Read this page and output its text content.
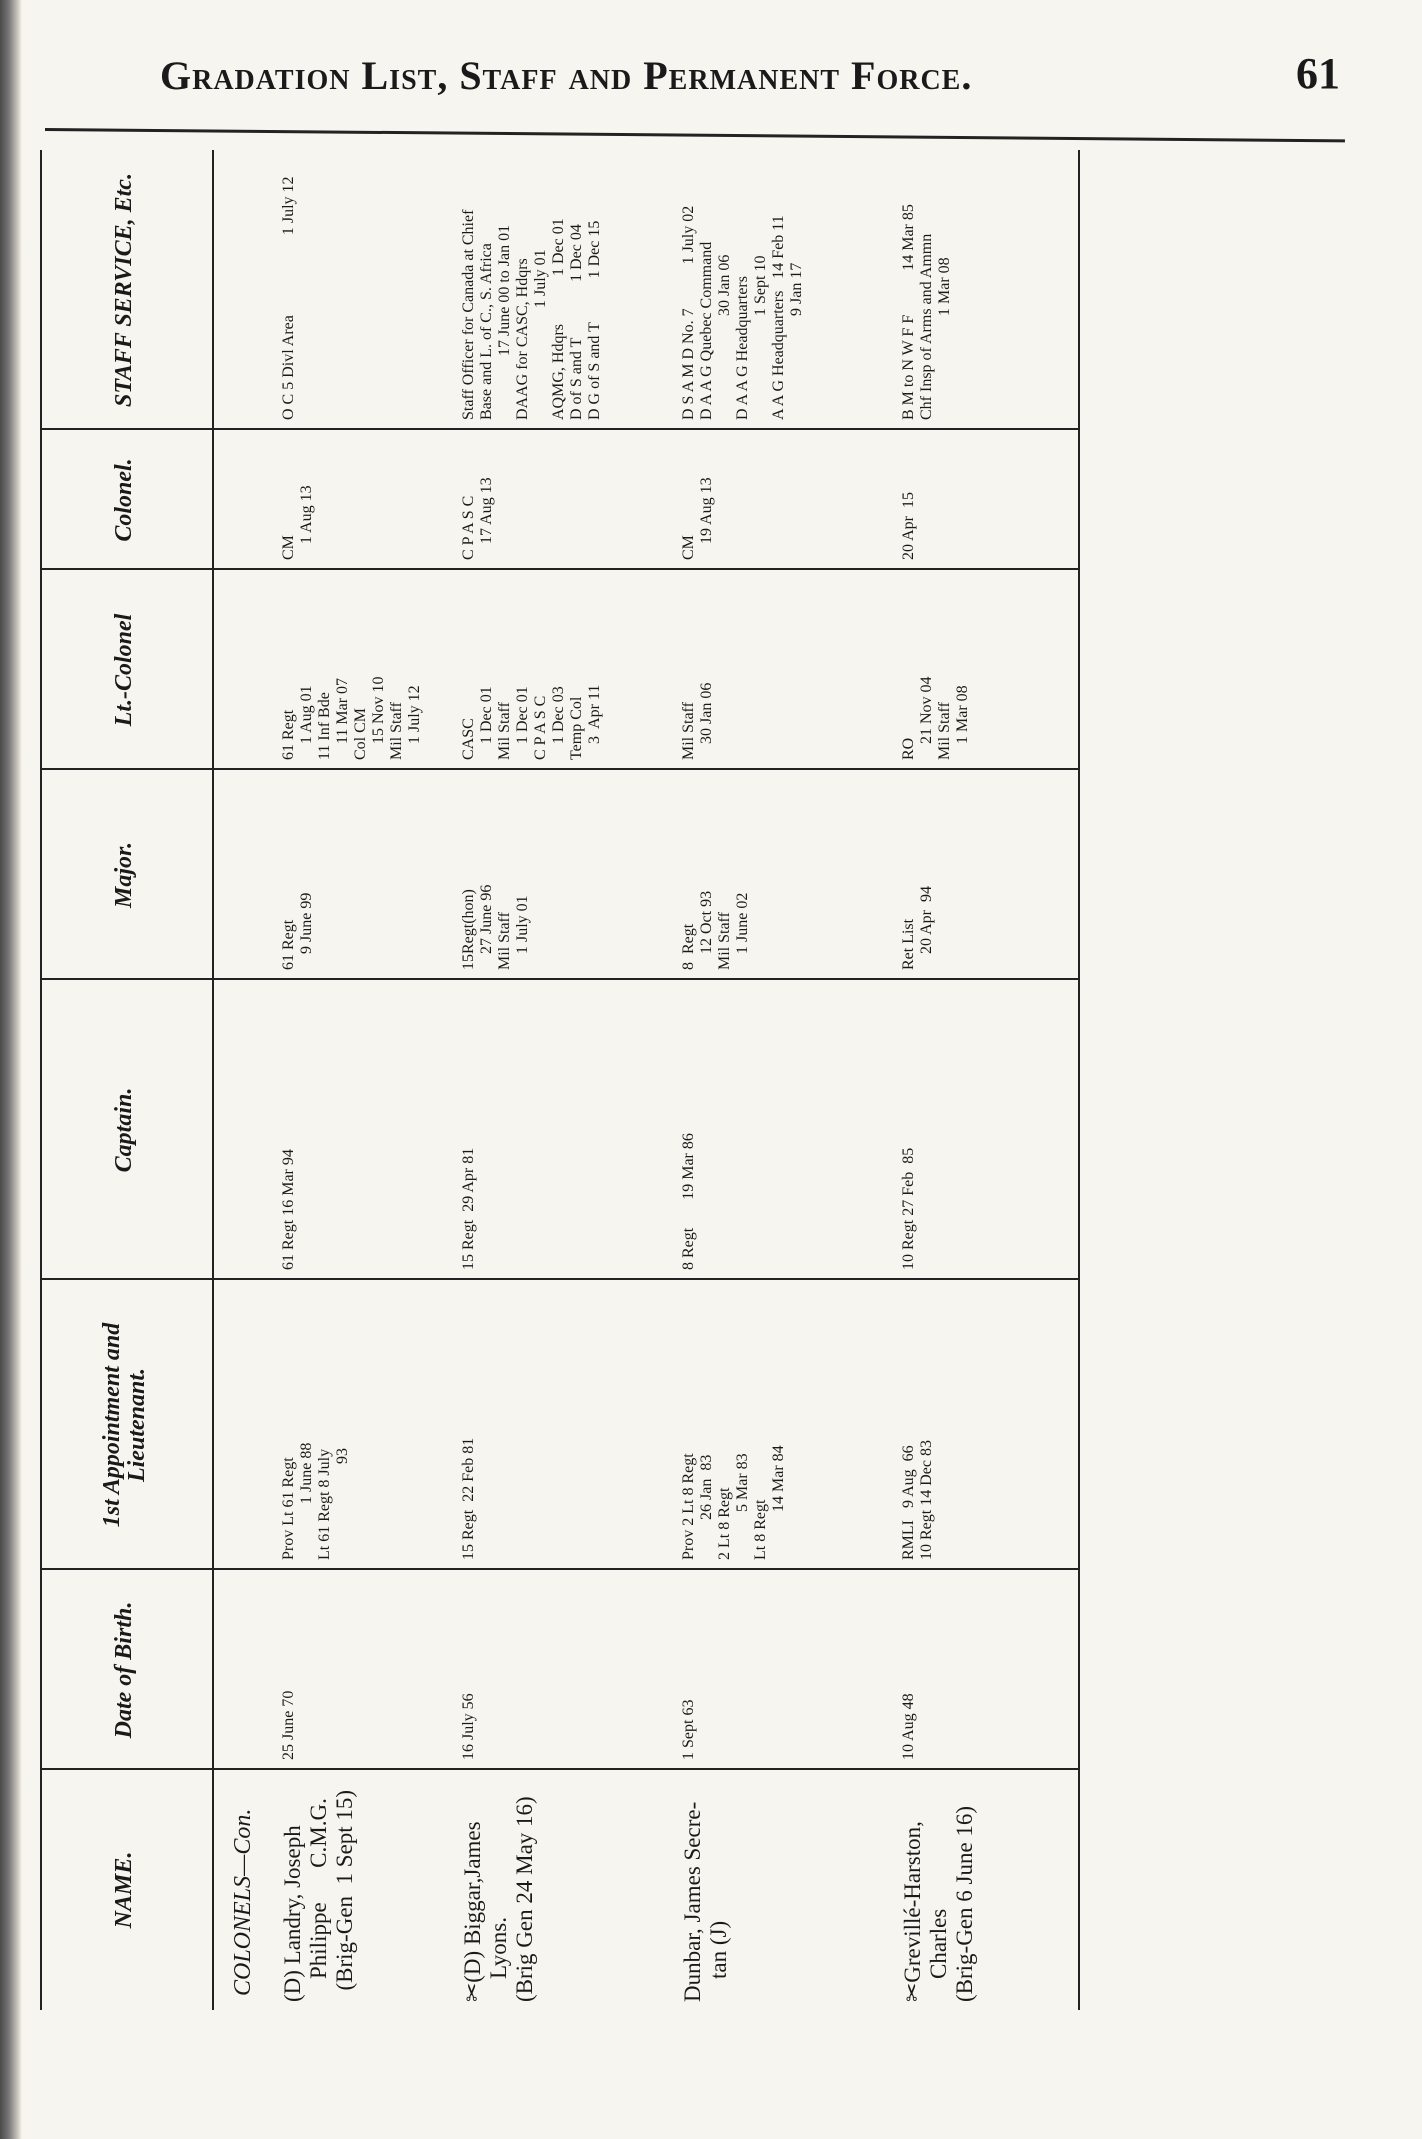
Gradation List, Staff and Permanent Force.	61
NAME.
Date of Birth.
1st Appointment and Lieutenant.
Captain.
Major.
Lt.-Colonel
Colonel.
STAFF SERVICE, Etc.
COLONELS—Con. (D) Landry, Joseph
Philippe      C.M.G.
(Brig-Gen  1 Sept 15)
25 June 70
Prov Lt 61 Regt
1 June 88
Lt 61 Regt 8 July
93
61 Regt 16 Mar 94
61 Regt
9 June 99
61 Regt
1 Aug 01
11 Inf Bde
11 Mar 07
Col CM
15 Nov 10
Mil Staff
1 July 12
CM
1 Aug 13
O C 5 Divl Area                    1 July 12
✂(D) Biggar,James
Lyons.
(Brig Gen 24 May 16)
16 July 56
15 Regt  22 Feb 81
15 Regt  29 Apr 81
15Regt(hon)
27 June 96
Mil Staff
1 July 01
CASC
1 Dec 01
Mil Staff
1 Dec 01
C P A S C
1 Dec 03
Temp Col
3  Apr 11
C P A S C
17 Aug 13
Staff Officer for Canada at Chief
Base and L. of C., S. Africa
17 June 00 to Jan 01
DAAG for CASC, Hdqrs
1 July 01
AQMG, Hdqrs            1 Dec 01
D of S and T              1 Dec 04
D G of S and T           1 Dec 15
Dunbar, James Secre-
tan (J)
1 Sept 63
Prov 2 Lt 8 Regt
26 Jan  83
2 Lt 8 Regt
5 Mar 83
Lt 8 Regt
14 Mar 84
8 Regt       19 Mar 86
8  Regt
12 Oct 93
Mil Staff
1 June 02
Mil Staff
30 Jan 06
CM
19 Aug 13
D S A M D No. 7           1 July 02
D A A G Quebec Command
30 Jan 06
D A A G Headquarters
1 Sept 10
A A G Headquarters   14 Feb 11
9 Jan 17
✂Grevillé-Harston,
Charles
(Brig-Gen 6 June 16)
10 Aug 48
RMLI   9 Aug  66
10 Regt 14 Dec 83
10 Regt 27 Feb  85
Ret List
20 Apr  94
RO
21 Nov 04
Mil Staff
1 Mar 08
20 Apr  15
B M to N W F F           14 Mar 85
Chf Insp of Arms and Ammn
1 Mar 08
